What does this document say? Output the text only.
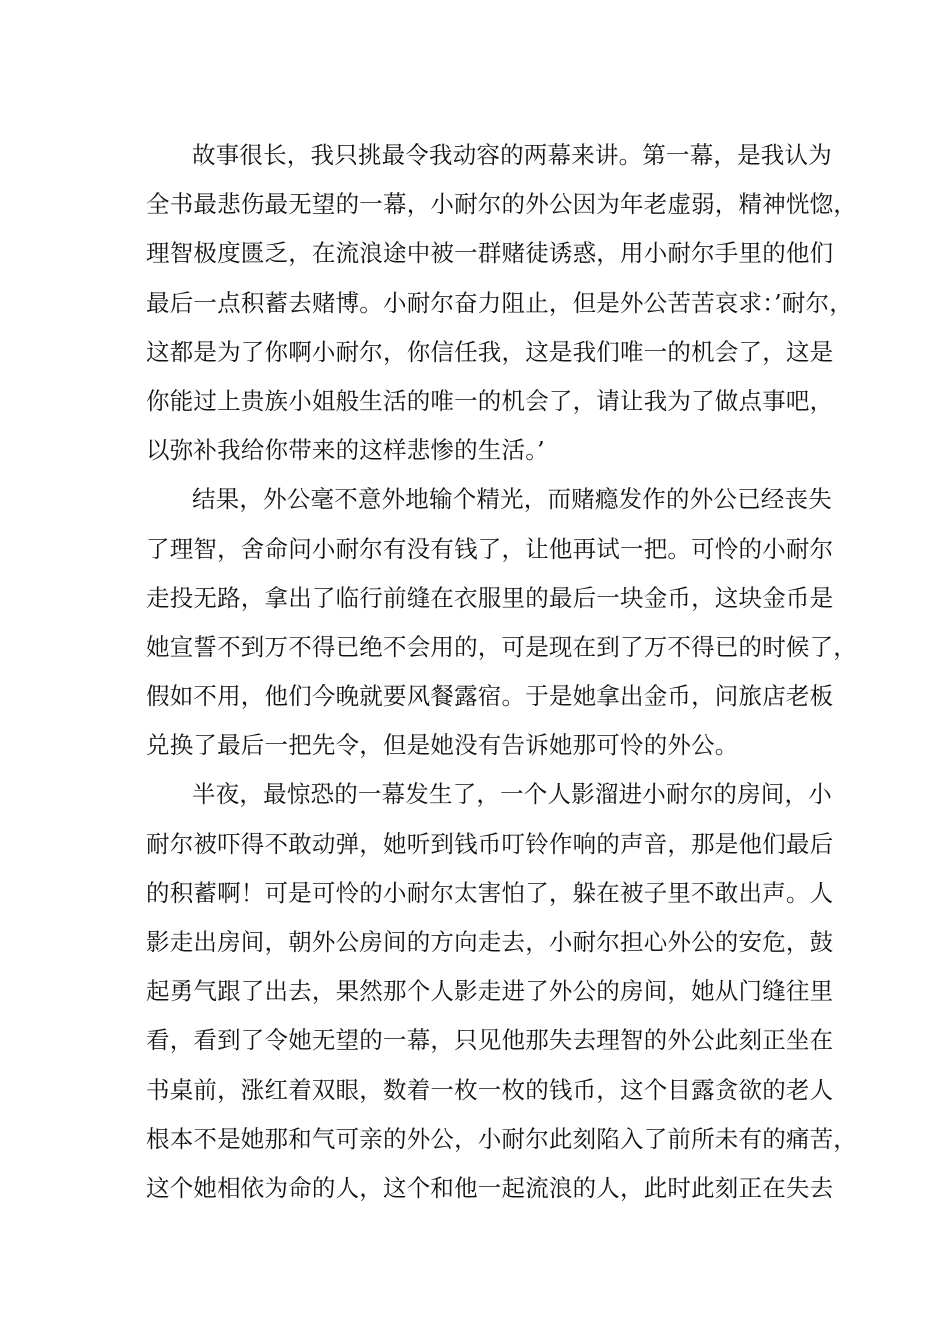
故事很长，我只挑最令我动容的两幕来讲。第一幕，是我认为
全书最悲伤最无望的一幕，小耐尔的外公因为年老虚弱，精神恍惚，
理智极度匮乏，在流浪途中被一群赌徒诱惑，用小耐尔手里的他们
最后一点积蓄去赌博。小耐尔奋力阻止，但是外公苦苦哀求：’耐尔，
这都是为了你啊小耐尔，你信任我，这是我们唯一的机会了，这是
你能过上贵族小姐般生活的唯一的机会了，请让我为了做点事吧，
以弥补我给你带来的这样悲惨的生活。’
结果，外公毫不意外地输个精光，而赌瘾发作的外公已经丧失
了理智，舍命问小耐尔有没有钱了，让他再试一把。可怜的小耐尔
走投无路，拿出了临行前缝在衣服里的最后一块金币，这块金币是
她宣誓不到万不得已绝不会用的，可是现在到了万不得已的时候了，
假如不用，他们今晚就要风餐露宿。于是她拿出金币，问旅店老板
兑换了最后一把先令，但是她没有告诉她那可怜的外公。
半夜，最惊恐的一幕发生了，一个人影溜进小耐尔的房间，小
耐尔被吓得不敢动弹，她听到钱币叮铃作响的声音，那是他们最后
的积蓄啊！可是可怜的小耐尔太害怕了，躲在被子里不敢出声。人
影走出房间，朝外公房间的方向走去，小耐尔担心外公的安危，鼓
起勇气跟了出去，果然那个人影走进了外公的房间，她从门缝往里
看，看到了令她无望的一幕，只见他那失去理智的外公此刻正坐在
书桌前，涨红着双眼，数着一枚一枚的钱币，这个目露贪欲的老人
根本不是她那和气可亲的外公，小耐尔此刻陷入了前所未有的痛苦，
这个她相依为命的人，这个和他一起流浪的人，此时此刻正在失去
